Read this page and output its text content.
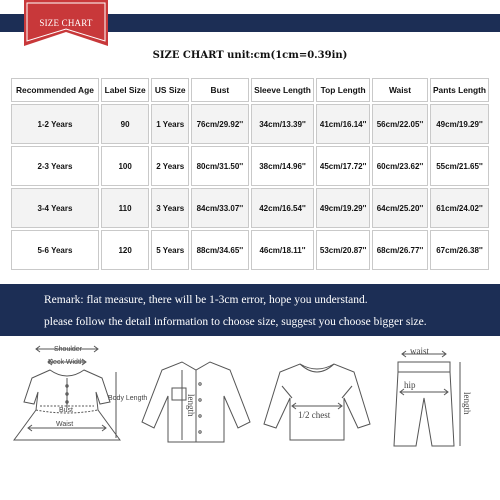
SIZE CHART
SIZE CHART unit:cm(1cm=0.39in)
Recommended Age	Label Size	US Size	Bust	Sleeve Length	Top Length	Waist	Pants Length
1-2 Years	90	1 Years	76cm/29.92''	34cm/13.39''	41cm/16.14''	56cm/22.05''	49cm/19.29''
2-3 Years	100	2 Years	80cm/31.50''	38cm/14.96''	45cm/17.72''	60cm/23.62''	55cm/21.65''
3-4 Years	110	3 Years	84cm/33.07''	42cm/16.54''	49cm/19.29''	64cm/25.20''	61cm/24.02''
5-6 Years	120	5 Years	88cm/34.65''	46cm/18.11''	53cm/20.87''	68cm/26.77''	67cm/26.38''
Remark: flat measure, there will be 1-3cm error, hope you understand.
please follow the detail information to choose size, suggest you choose bigger size.
Shoulder
Neck Width
Bust
Waist
Body Length	length	1/2 chest
waist
hip
length
